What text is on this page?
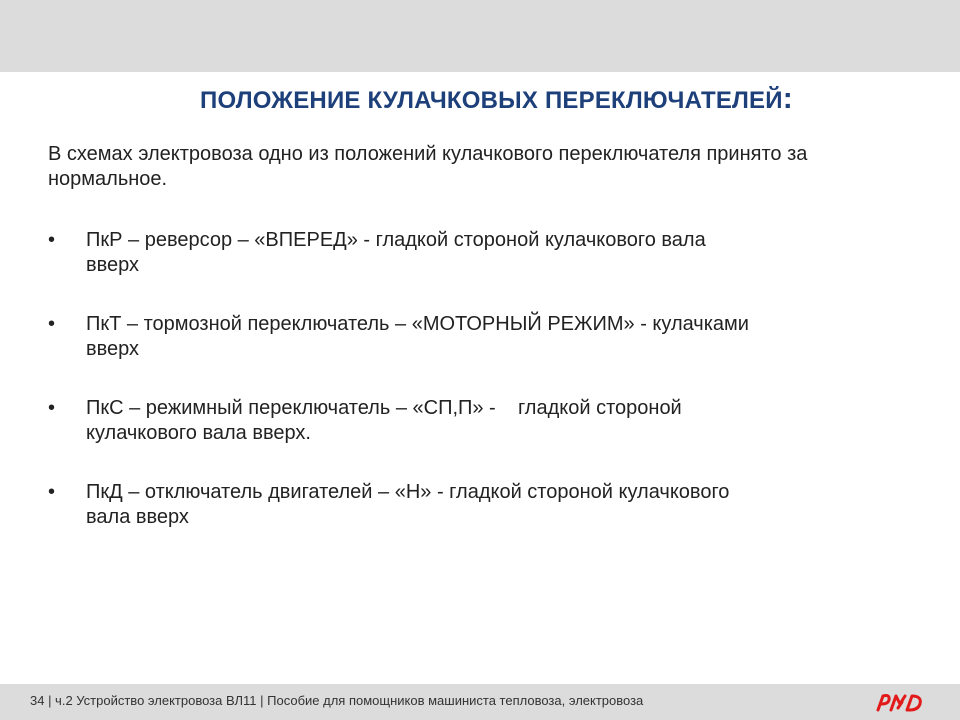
ПОЛОЖЕНИЕ КУЛАЧКОВЫХ ПЕРЕКЛЮЧАТЕЛЕЙ:
В схемах электровоза одно из положений кулачкового переключателя принято за нормальное.
• ПкР – реверсор – «ВПЕРЕД» - гладкой стороной кулачкового вала
вверх
• ПкТ – тормозной переключатель – «МОТОРНЫЙ РЕЖИМ» - кулачками
вверх
• ПкС – режимный переключатель – «СП,П» -    гладкой стороной
кулачкового вала вверх.
• ПкД – отключатель двигателей – «Н» - гладкой стороной кулачкового
вала вверх
34 | ч.2 Устройство электровоза ВЛ11 | Пособие для помощников машиниста тепловоза, электровоза
